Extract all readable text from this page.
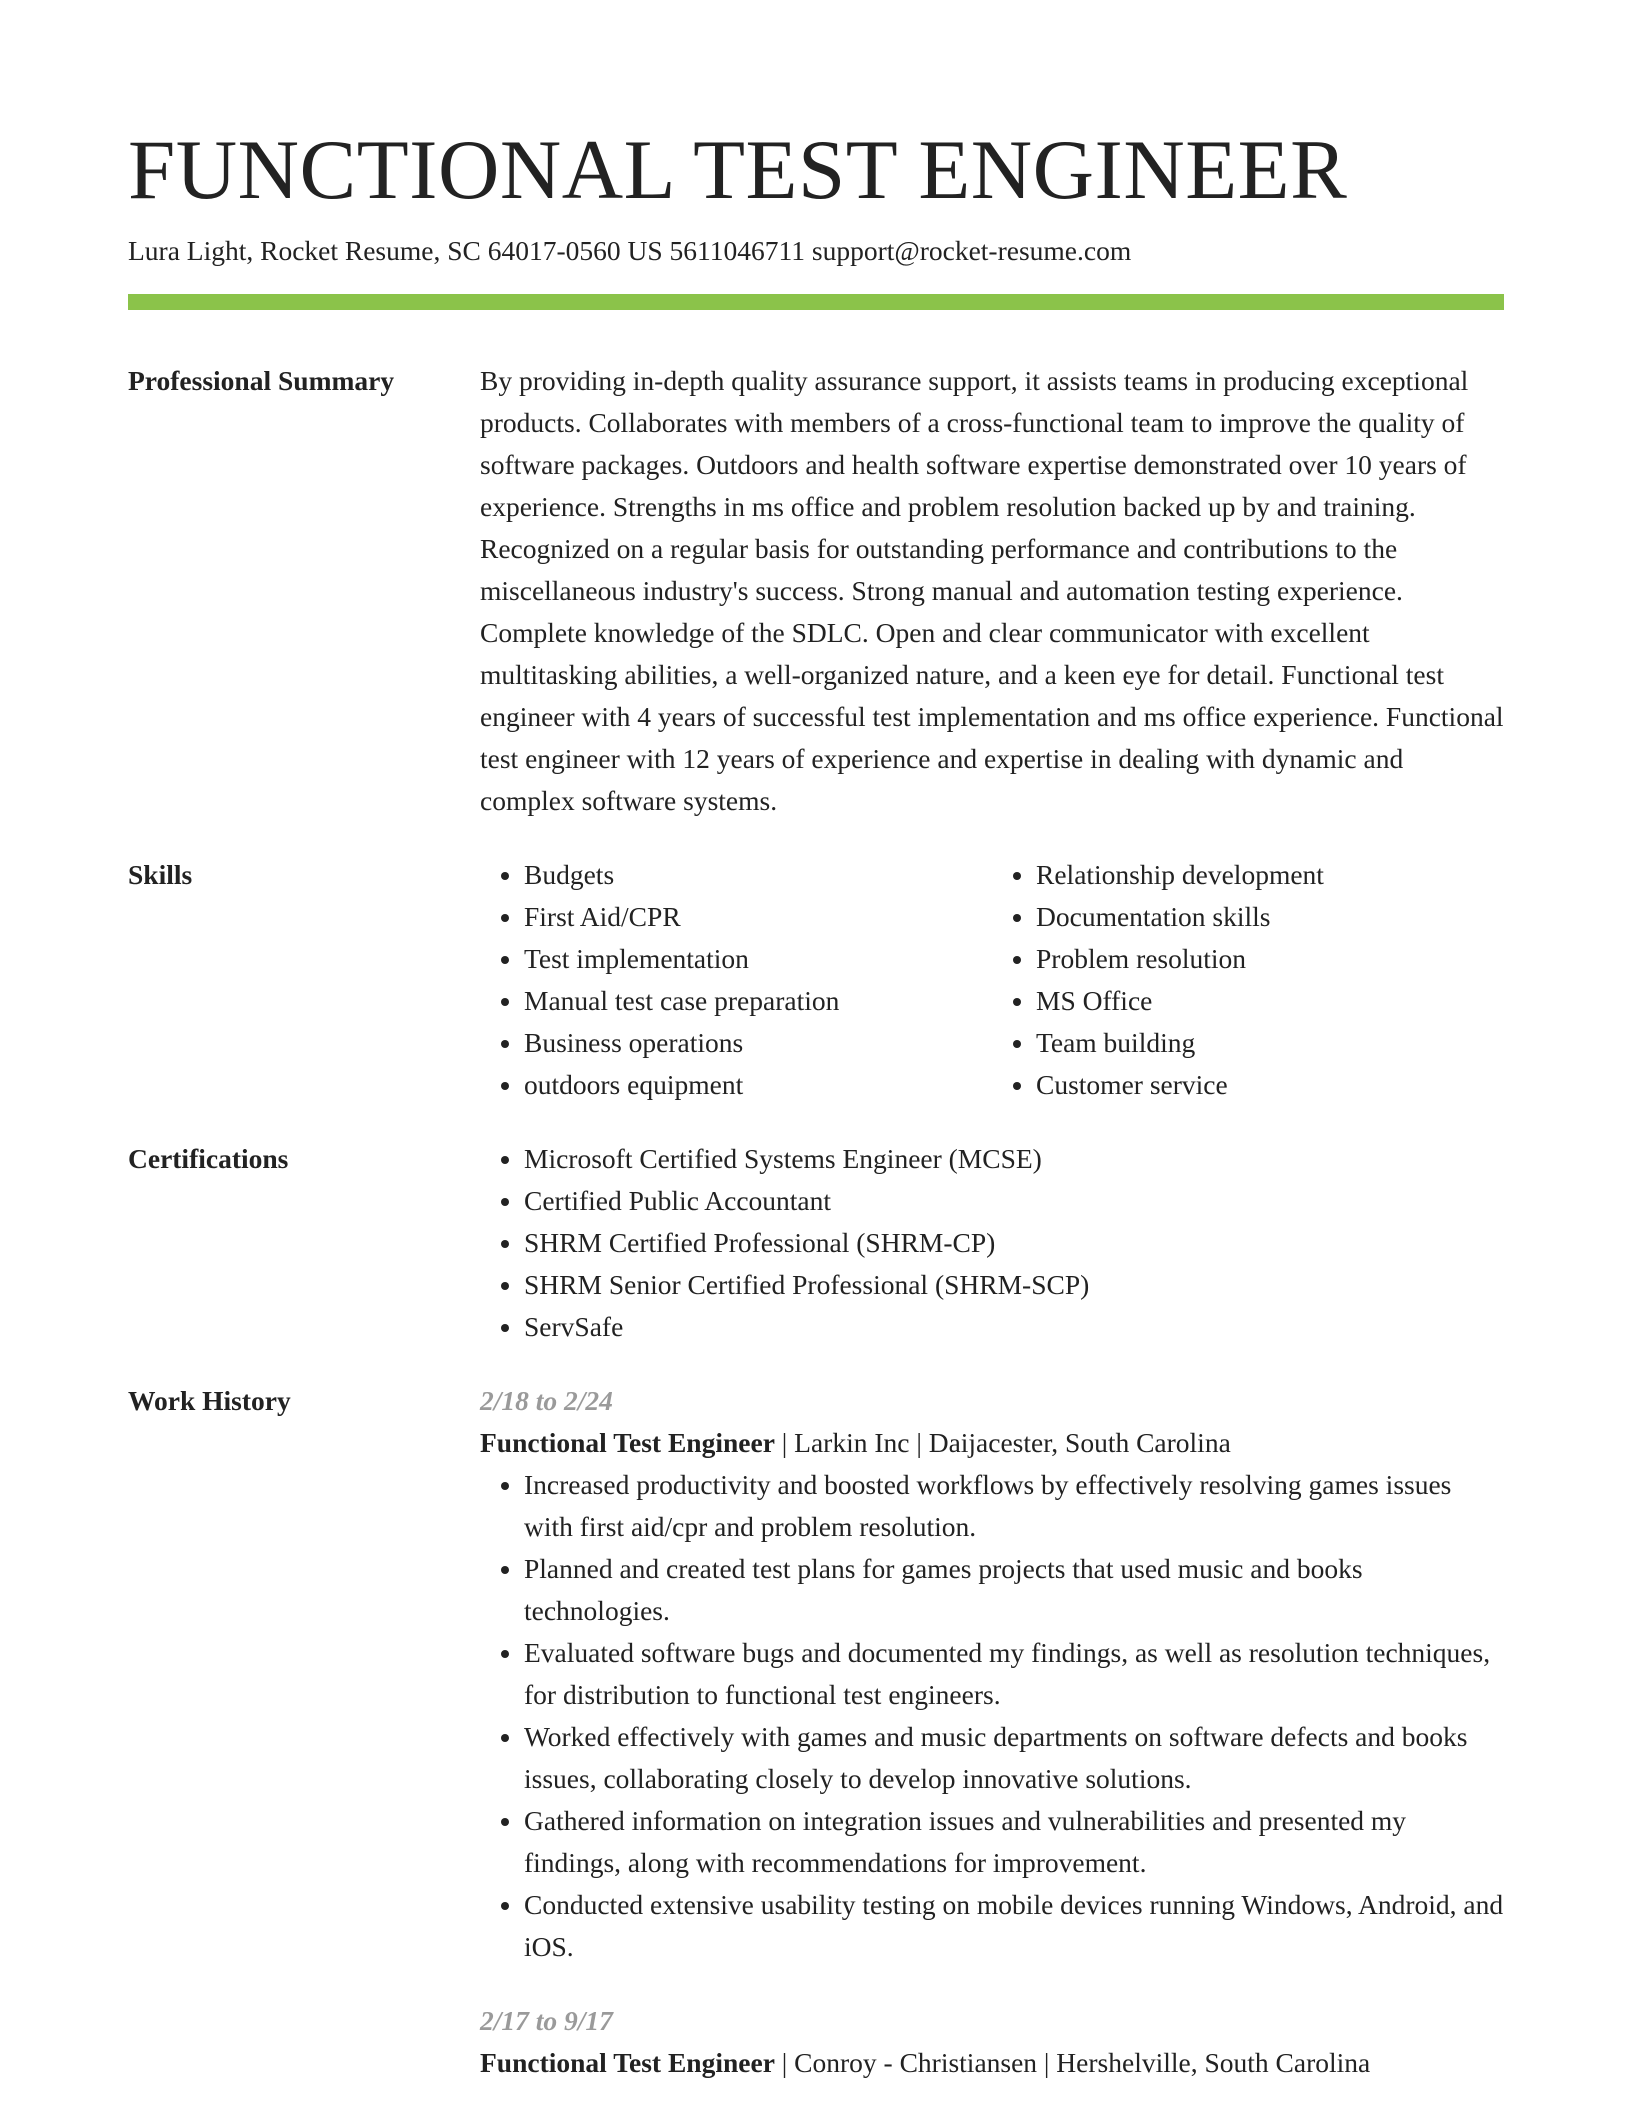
FUNCTIONAL TEST ENGINEER
Lura Light, Rocket Resume, SC 64017-0560 US 5611046711 support@rocket-resume.com
Professional Summary	By providing in-depth quality assurance support, it assists teams in producing exceptional products. Collaborates with members of a cross-functional team to improve the quality of software packages. Outdoors and health software expertise demonstrated over 10 years of experience. Strengths in ms office and problem resolution backed up by and training. Recognized on a regular basis for outstanding performance and contributions to the miscellaneous industry's success. Strong manual and automation testing experience. Complete knowledge of the SDLC. Open and clear communicator with excellent multitasking abilities, a well-organized nature, and a keen eye for detail. Functional test engineer with 4 years of successful test implementation and ms office experience. Functional test engineer with 12 years of experience and expertise in dealing with dynamic and complex software systems.

Skills	• Budgets
• First Aid/CPR
• Test implementation
• Manual test case preparation
• Business operations
• outdoors equipment
• Relationship development
• Documentation skills
• Problem resolution
• MS Office
• Team building
• Customer service
Certifications	• Microsoft Certified Systems Engineer (MCSE)
• Certified Public Accountant
• SHRM Certified Professional (SHRM-CP)
• SHRM Senior Certified Professional (SHRM-SCP)
• ServSafe
Work History	2/18 to 2/24
Functional Test Engineer | Larkin Inc | Daijacester, South Carolina
• Increased productivity and boosted workflows by effectively resolving games issues with first aid/cpr and problem resolution.
• Planned and created test plans for games projects that used music and books technologies.
• Evaluated software bugs and documented my findings, as well as resolution techniques, for distribution to functional test engineers.
• Worked effectively with games and music departments on software defects and books issues, collaborating closely to develop innovative solutions.
• Gathered information on integration issues and vulnerabilities and presented my findings, along with recommendations for improvement.
• Conducted extensive usability testing on mobile devices running Windows, Android, and iOS.
2/17 to 9/17
Functional Test Engineer | Conroy - Christiansen | Hershelville, South Carolina
